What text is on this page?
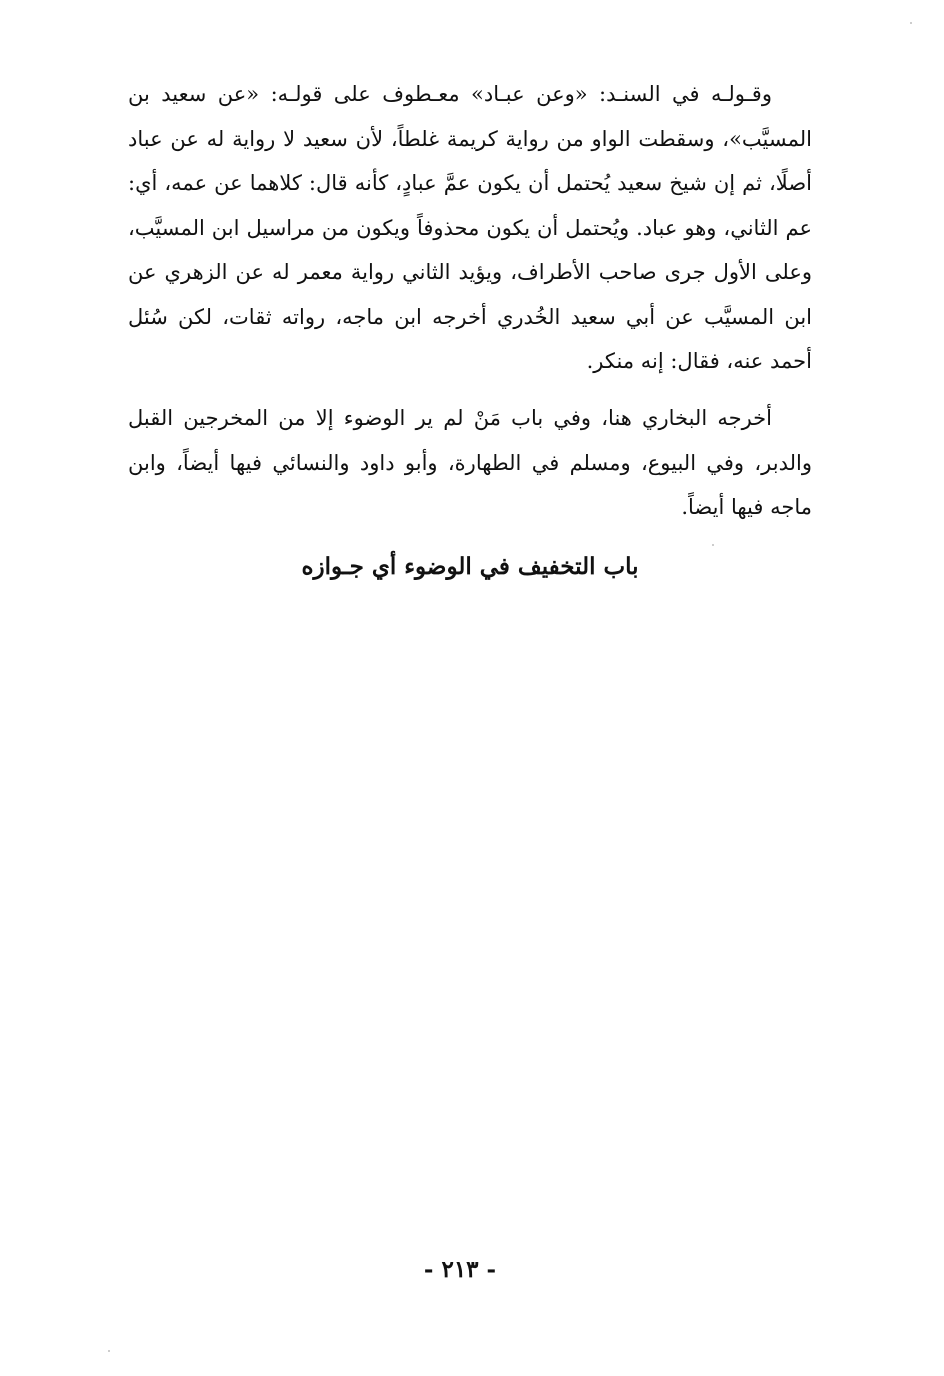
وقـولـه في السنـد: «وعن عبـاد» معـطوف على قولـه: «عن سعيد بن المسيَّب»، وسقطت الواو من رواية كريمة غلطاً، لأن سعيد لا رواية له عن عباد أصلًا، ثم إن شيخ سعيد يُحتمل أن يكون عمَّ عبادٍ، كأنه قال: كلاهما عن عمه، أي: عم الثاني، وهو عباد. ويُحتمل أن يكون محذوفاً ويكون من مراسيل ابن المسيَّب، وعلى الأول جرى صاحب الأطراف، ويؤيد الثاني رواية معمر له عن الزهري عن ابن المسيَّب عن أبي سعيد الخُدري أخرجه ابن ماجه، رواته ثقات، لكن سُئل أحمد عنه، فقال: إنه منكر.

أخرجه البخاري هنا، وفي باب مَنْ لم ير الوضوء إلا من المخرجين القبل والدبر، وفي البيوع، ومسلم في الطهارة، وأبو داود والنسائي فيها أيضاً، وابن ماجه فيها أيضاً.

باب التخفيف في الوضوء أي جـوازه
- ٢١٣ -
